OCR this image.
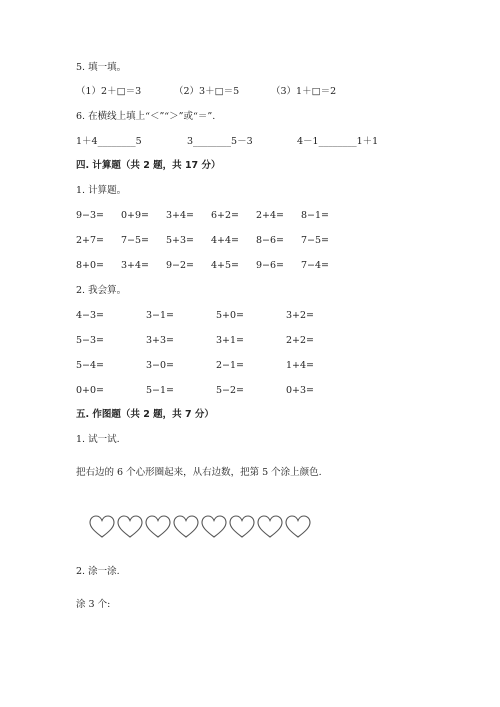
5. 填一填。
（1）2＋□＝3	（2）3＋□＝5	（3）1＋□＝2
6. 在横线上填上“＜”“＞”或“＝”.
1＋4________5	3________5－3	4－1________1＋1
四. 计算题（共 2 题，共 17 分）
1. 计算题。
9−3= 0+9= 3+4= 6+2= 2+4= 8−1=
2+7= 7−5= 5+3= 4+4= 8−6= 7−5=
8+0= 3+4= 9−2= 4+5= 9−6= 7−4=
2. 我会算。
4−3=	3−1=	5+0=	3+2=
5−3=	3+3=	3+1=	2+2=
5−4=	3−0=	2−1=	1+4=
0+0=	5−1=	5−2=	0+3=
五. 作图题（共 2 题，共 7 分）
1. 试一试.
把右边的 6 个心形圈起来，从右边数，把第 5 个涂上颜色.
2. 涂一涂.
涂 3 个:
